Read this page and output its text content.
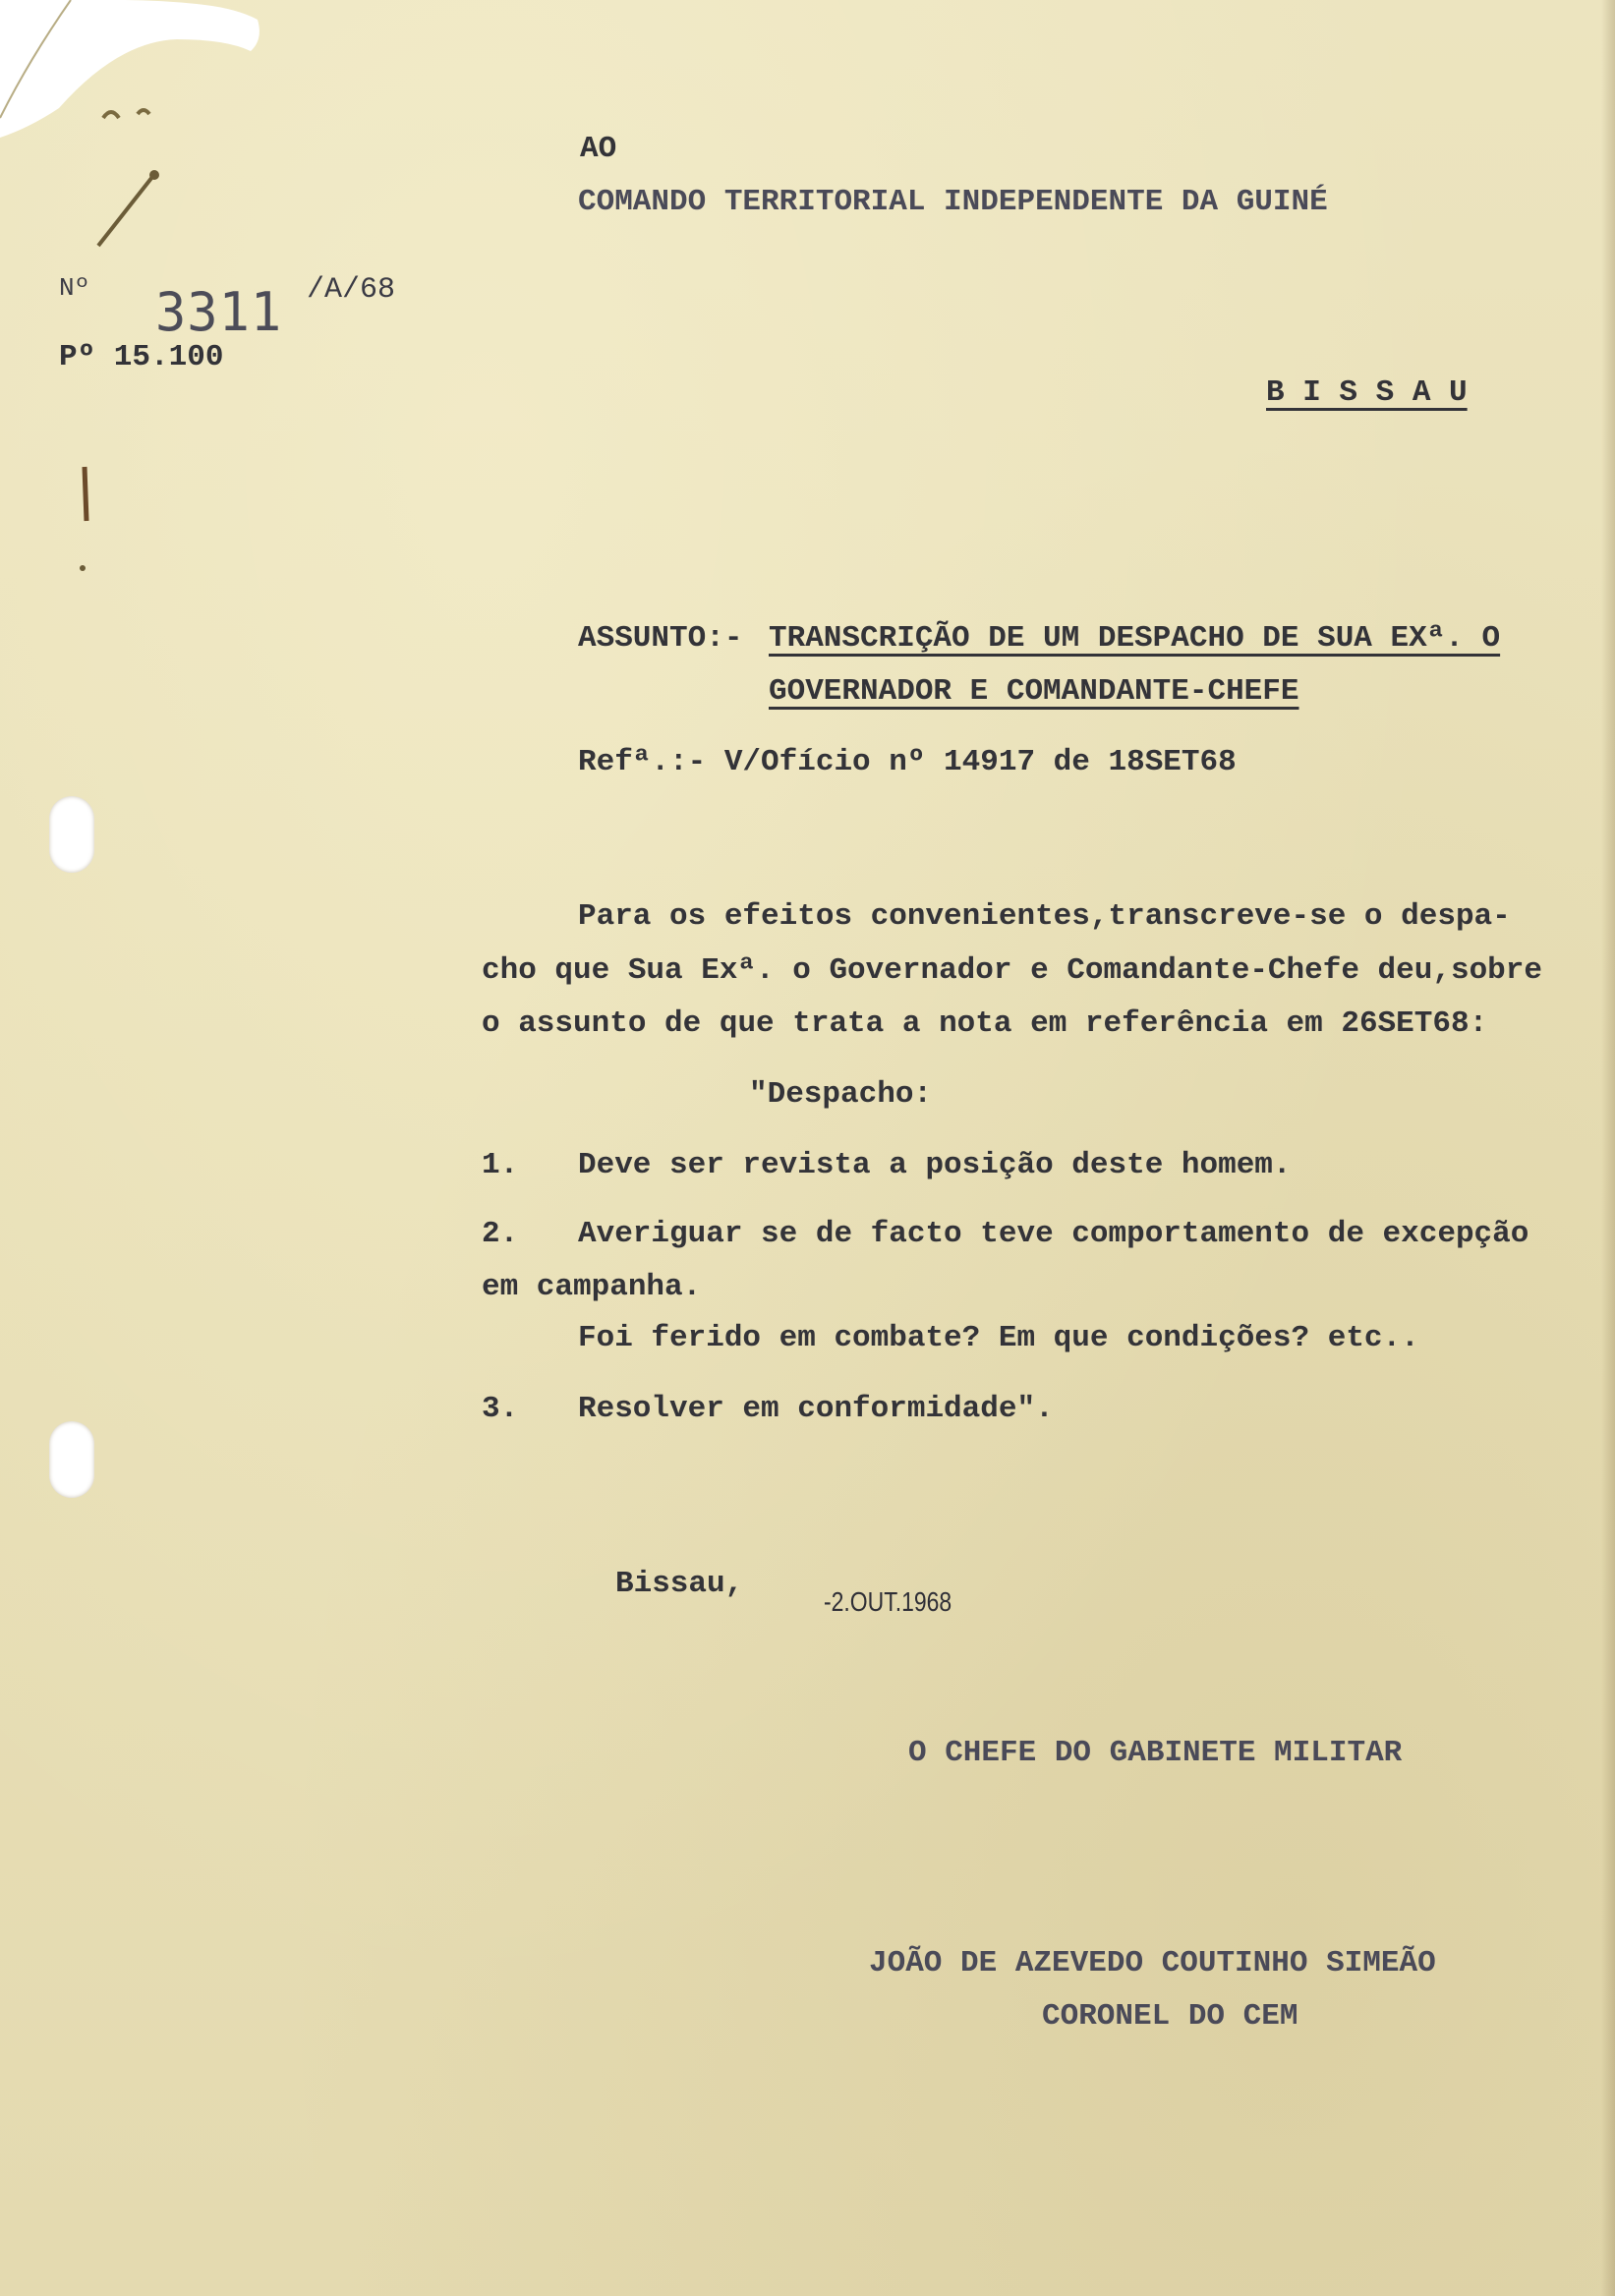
AO
COMANDO TERRITORIAL INDEPENDENTE DA GUINÉ
B I S S A U
Nº 3311 /A/68
Pº 15.100
ASSUNTO:- TRANSCRIÇÃO DE UM DESPACHO DE SUA EXª. O
GOVERNADOR E COMANDANTE-CHEFE
Refª.:- V/Ofício nº 14917 de 18SET68
Para os efeitos convenientes,transcreve-se o despa-
cho que Sua Exª. o Governador e Comandante-Chefe deu,sobre
o assunto de que trata a nota em referência em 26SET68:
"Despacho:
1. Deve ser revista a posição deste homem.
2. Averiguar se de facto teve comportamento de excepção
em campanha.
Foi ferido em combate? Em que condições? etc..
3. Resolver em conformidade".
Bissau,
-2.OUT.1968
O CHEFE DO GABINETE MILITAR
JOÃO DE AZEVEDO COUTINHO SIMEÃO
CORONEL DO CEM
